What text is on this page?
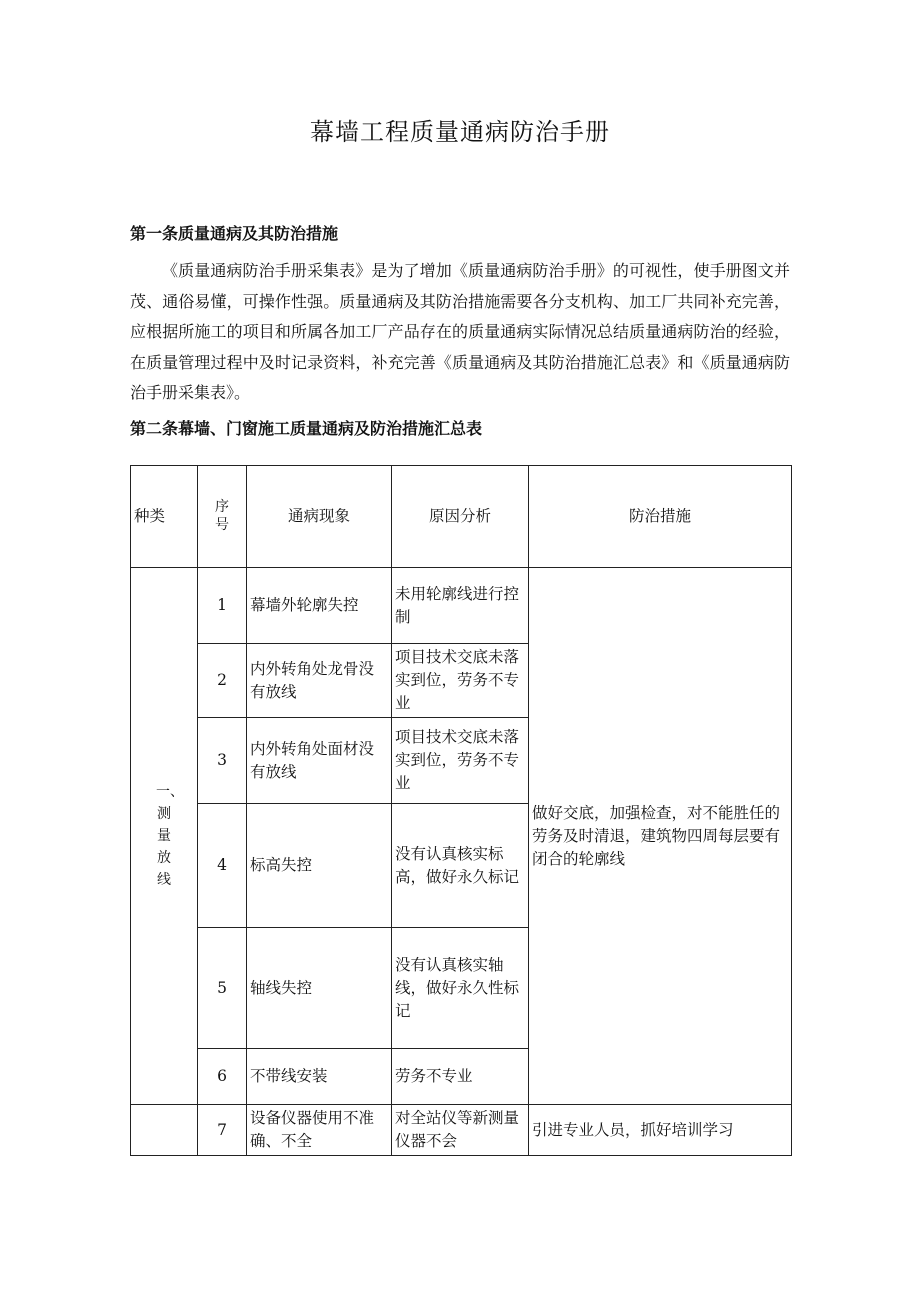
幕墙工程质量通病防治手册
第一条质量通病及其防治措施

《质量通病防治手册采集表》是为了增加《质量通病防治手册》的可视性，使手册图文并茂、通俗易懂，可操作性强。质量通病及其防治措施需要各分支机构、加工厂共同补充完善，应根据所施工的项目和所属各加工厂产品存在的质量通病实际情况总结质量通病防治的经验，在质量管理过程中及时记录资料，补充完善《质量通病及其防治措施汇总表》和《质量通病防治手册采集表》。

第二条幕墙、门窗施工质量通病及防治措施汇总表
种类	序号	通病现象	原因分析	防治措施
一、测量放线	1	幕墙外轮廓失控	未用轮廓线进行控制	做好交底，加强检查，对不能胜任的劳务及时清退，建筑物四周每层要有闭合的轮廓线
	2	内外转角处龙骨没有放线	项目技术交底未落实到位，劳务不专业	
	3	内外转角处面材没有放线	项目技术交底未落实到位，劳务不专业	
	4	标高失控	没有认真核实标高，做好永久标记	
	5	轴线失控	没有认真核实轴线，做好永久性标记	
	6	不带线安装	劳务不专业	
	7	设备仪器使用不准确、不全	对全站仪等新测量仪器不会	引进专业人员，抓好培训学习
